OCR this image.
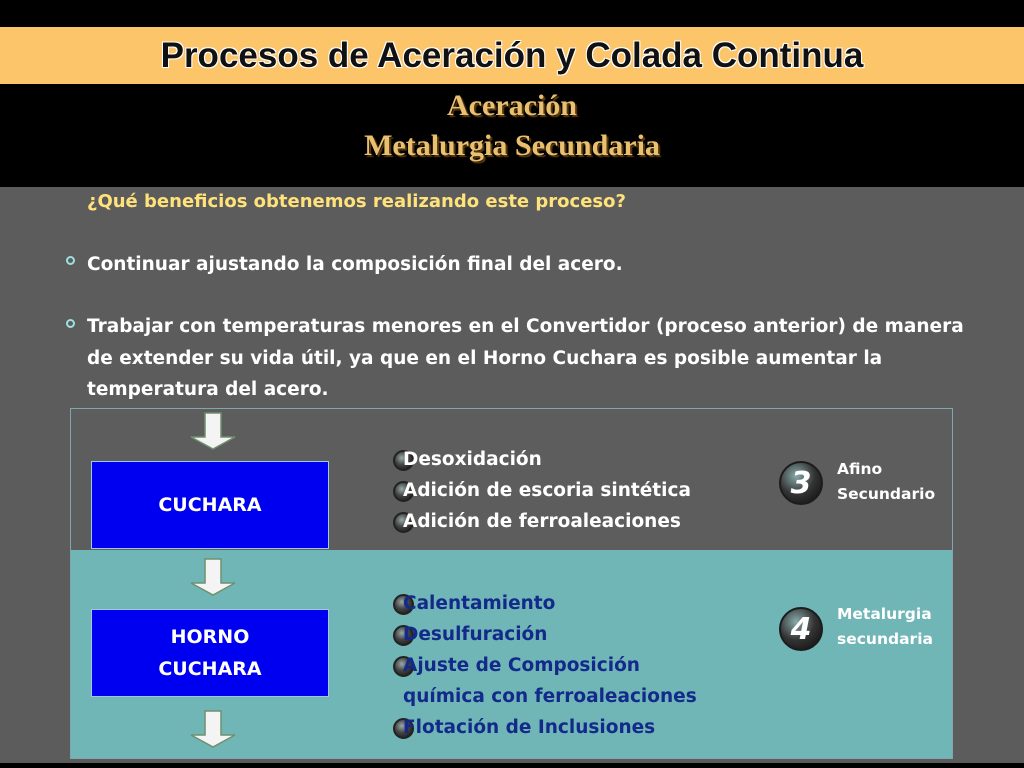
Procesos de Aceración y Colada Continua
Aceración
Metalurgia Secundaria
¿Qué beneficios obtenemos realizando este proceso?
Continuar ajustando la composición final del acero.
Trabajar con temperaturas menores en el Convertidor (proceso anterior) de manera de extender su vida útil, ya que en el Horno Cuchara es posible aumentar la temperatura del acero.
CUCHARA
Desoxidación
Adición de escoria sintética
Adición de ferroaleaciones
3	Afino
Secundario
HORNO
CUCHARA
Calentamiento
Desulfuración
Ajuste de Composición
química con ferroaleaciones
Flotación de Inclusiones
4	Metalurgia
secundaria
